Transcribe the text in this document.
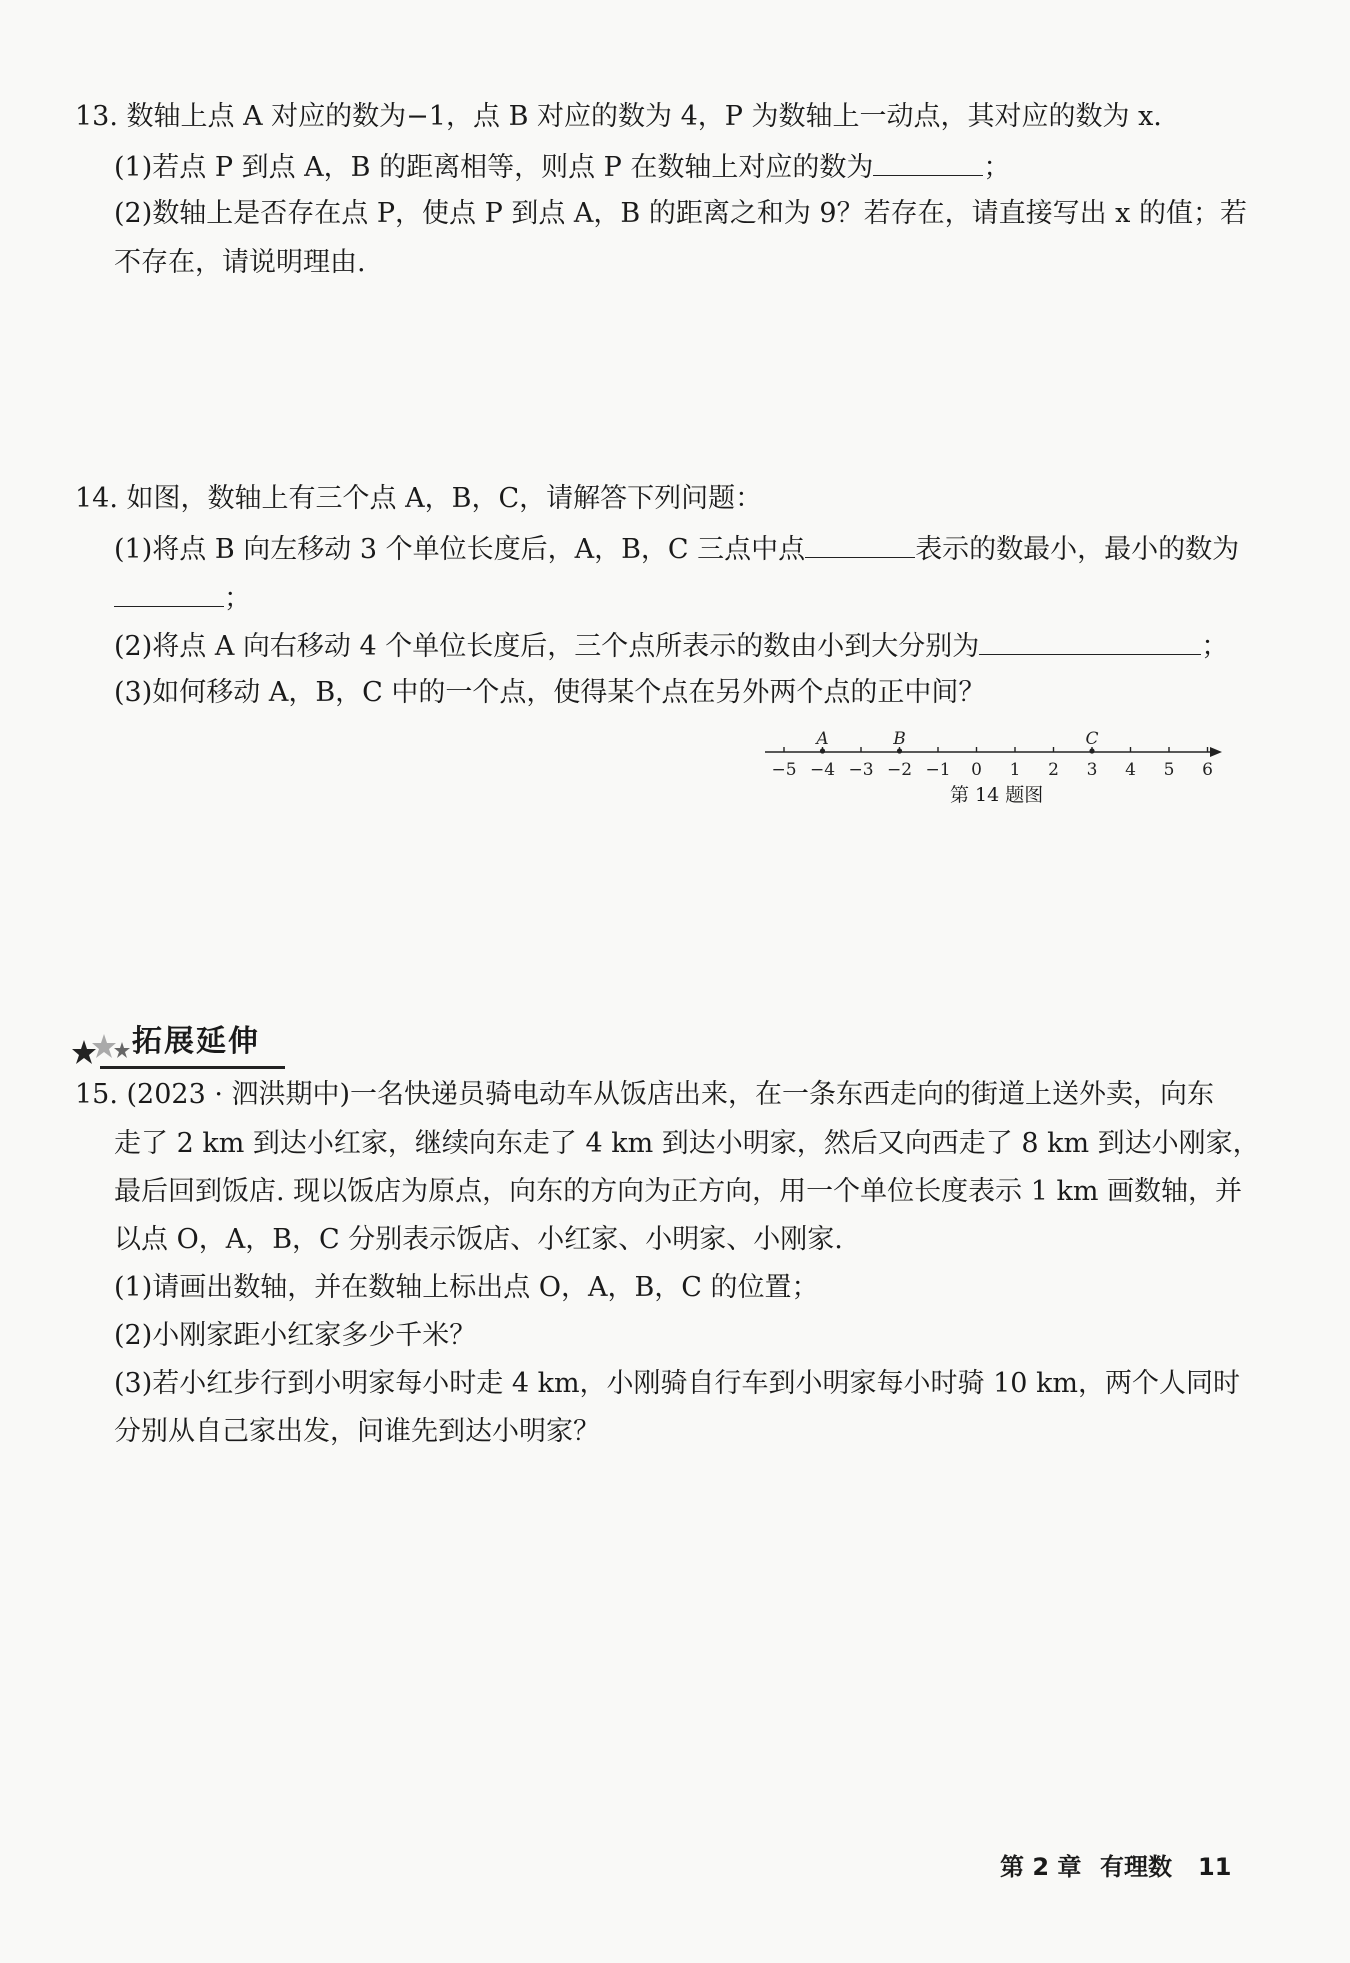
13. 数轴上点 A 对应的数为−1，点 B 对应的数为 4，P 为数轴上一动点，其对应的数为 x.
(1)若点 P 到点 A，B 的距离相等，则点 P 在数轴上对应的数为	；
(2)数轴上是否存在点 P，使点 P 到点 A，B 的距离之和为 9？若存在，请直接写出 x 的值；若
不存在，请说明理由.
14. 如图，数轴上有三个点 A，B，C，请解答下列问题：
(1)将点 B 向左移动 3 个单位长度后，A，B，C 三点中点	表示的数最小，最小的数为
；
(2)将点 A 向右移动 4 个单位长度后，三个点所表示的数由小到大分别为	；
(3)如何移动 A，B，C 中的一个点，使得某个点在另外两个点的正中间？
−5 −4 −3 −2 −1 0 1 2 3 4 5 6
A	B	C
第 14 题图
拓展延伸
15. (2023 · 泗洪期中)一名快递员骑电动车从饭店出来，在一条东西走向的街道上送外卖，向东
走了 2 km 到达小红家，继续向东走了 4 km 到达小明家，然后又向西走了 8 km 到达小刚家，
最后回到饭店. 现以饭店为原点，向东的方向为正方向，用一个单位长度表示 1 km 画数轴，并
以点 O，A，B，C 分别表示饭店、小红家、小明家、小刚家.
(1)请画出数轴，并在数轴上标出点 O，A，B，C 的位置；
(2)小刚家距小红家多少千米？
(3)若小红步行到小明家每小时走 4 km，小刚骑自行车到小明家每小时骑 10 km，两个人同时
分别从自己家出发，问谁先到达小明家？
第 2 章 有理数 11
